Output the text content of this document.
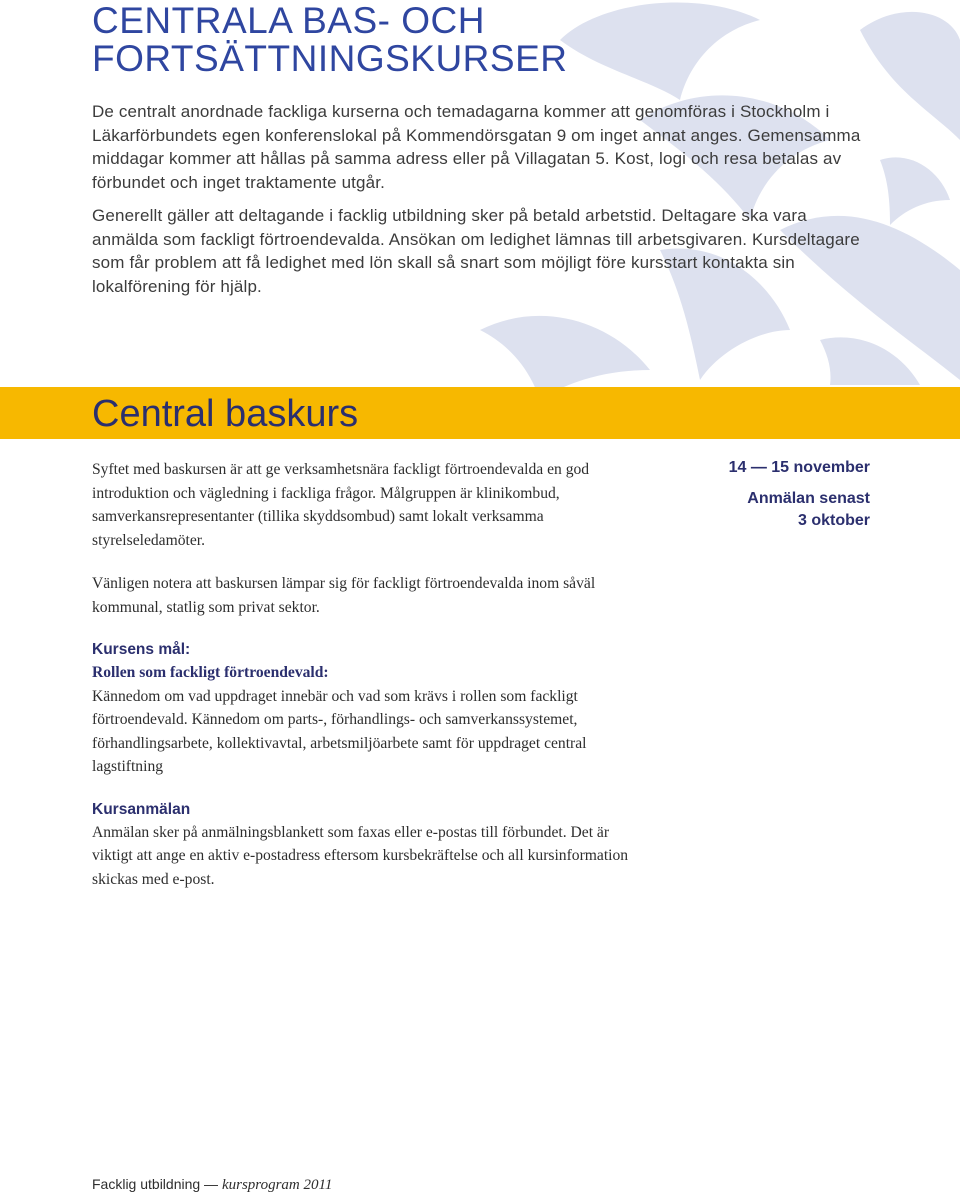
CENTRALA BAS- OCH
FORTSÄTTNINGSKURSER

De centralt anordnade fackliga kurserna och temadagarna kommer att genomföras i Stockholm i Läkarförbundets egen konferenslokal på Kommendörsgatan 9 om inget annat anges. Gemensamma middagar kommer att hållas på samma adress eller på Villagatan 5. Kost, logi och resa betalas av förbundet och inget traktamente utgår.

Generellt gäller att deltagande i facklig utbildning sker på betald arbetstid. Deltagare ska vara anmälda som fackligt förtroendevalda. Ansökan om ledighet lämnas till arbetsgivaren. Kursdeltagare som får problem att få ledighet med lön skall så snart som möjligt före kursstart kontakta sin lokalförening för hjälp.

Central baskurs

Syftet med baskursen är att ge verksamhetsnära fackligt förtroendevalda en god introduktion och vägledning i fackliga frågor. Målgruppen är klinikombud, samverkansrepresentanter (tillika skyddsombud) samt lokalt verksamma styrelseledamöter.

Vänligen notera att baskursen lämpar sig för fackligt förtroendevalda inom såväl kommunal, statlig som privat sektor.

Kursens mål:

Rollen som fackligt förtroendevald:

Kännedom om vad uppdraget innebär och vad som krävs i rollen som fackligt förtroendevald. Kännedom om parts-, förhandlings- och samverkanssystemet, förhandlingsarbete, kollektivavtal, arbetsmiljöarbete samt för uppdraget central lagstiftning

Kursanmälan

Anmälan sker på anmälningsblankett som faxas eller e-postas till förbundet. Det är viktigt att ange en aktiv e-postadress eftersom kursbekräftelse och all kursinformation skickas med e-post.

14 — 15 november

Anmälan senast

3 oktober

Facklig utbildning — kursprogram 2011
